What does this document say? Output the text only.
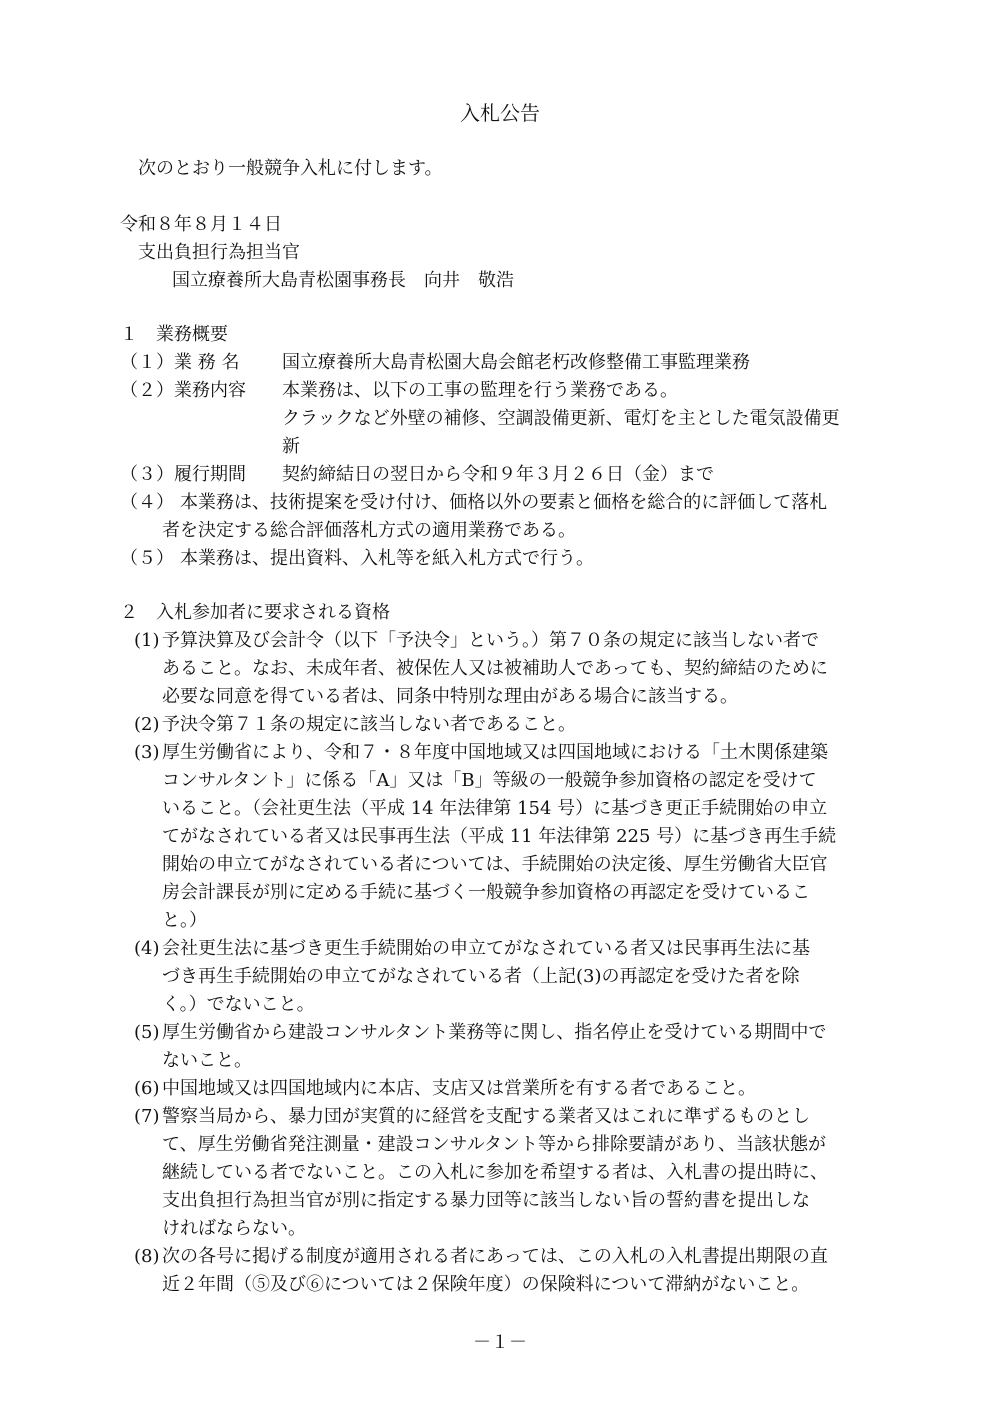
入札公告
次のとおり一般競争入札に付します。
令和８年８月１４日
支出負担行為担当官
国立療養所大島青松園事務長　向井　敬浩
１　業務概要
（１）業 務 名 国立療養所大島青松園大島会館老朽改修整備工事監理業務
（２）業務内容 本業務は、以下の工事の監理を行う業務である。
クラックなど外壁の補修、空調設備更新、電灯を主とした電気設備更
新
（３）履行期間 契約締結日の翌日から令和９年３月２６日（金）まで
（４） 本業務は、技術提案を受け付け、価格以外の要素と価格を総合的に評価して落札
者を決定する総合評価落札方式の適用業務である。
（５） 本業務は、提出資料、入札等を紙入札方式で行う。
２　入札参加者に要求される資格
(1) 予算決算及び会計令（以下「予決令」という。）第７０条の規定に該当しない者で
あること。なお、未成年者、被保佐人又は被補助人であっても、契約締結のために
必要な同意を得ている者は、同条中特別な理由がある場合に該当する。
(2) 予決令第７１条の規定に該当しない者であること。
(3) 厚生労働省により、令和７・８年度中国地域又は四国地域における「土木関係建築
コンサルタント」に係る「A」又は「B」等級の一般競争参加資格の認定を受けて
いること。（会社更生法（平成 14 年法律第 154 号）に基づき更正手続開始の申立
てがなされている者又は民事再生法（平成 11 年法律第 225 号）に基づき再生手続
開始の申立てがなされている者については、手続開始の決定後、厚生労働省大臣官
房会計課長が別に定める手続に基づく一般競争参加資格の再認定を受けているこ
と。）
(4) 会社更生法に基づき更生手続開始の申立てがなされている者又は民事再生法に基
づき再生手続開始の申立てがなされている者（上記(3)の再認定を受けた者を除
く。）でないこと。
(5) 厚生労働省から建設コンサルタント業務等に関し、指名停止を受けている期間中で
ないこと。
(6) 中国地域又は四国地域内に本店、支店又は営業所を有する者であること。
(7) 警察当局から、暴力団が実質的に経営を支配する業者又はこれに準ずるものとし
て、厚生労働省発注測量・建設コンサルタント等から排除要請があり、当該状態が
継続している者でないこと。この入札に参加を希望する者は、入札書の提出時に、
支出負担行為担当官が別に指定する暴力団等に該当しない旨の誓約書を提出しな
ければならない。
(8) 次の各号に掲げる制度が適用される者にあっては、この入札の入札書提出期限の直
近２年間（⑤及び⑥については２保険年度）の保険料について滞納がないこと。
－１－
